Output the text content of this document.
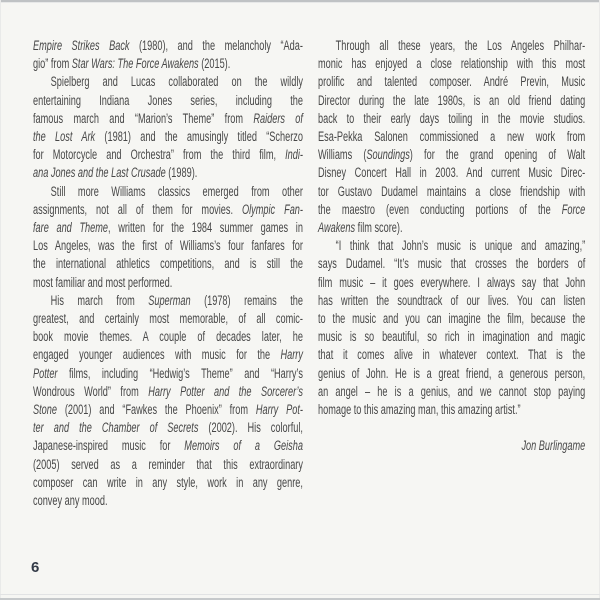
Empire Strikes Back (1980), and the melancholy “Ada-
gio” from Star Wars: The Force Awakens (2015).
Spielberg and Lucas collaborated on the wildly
entertaining Indiana Jones series, including the
famous march and “Marion’s Theme” from Raiders of
the Lost Ark (1981) and the amusingly titled “Scherzo
for Motorcycle and Orchestra” from the third film, Indi-
ana Jones and the Last Crusade (1989).
Still more Williams classics emerged from other
assignments, not all of them for movies. Olympic Fan-
fare and Theme, written for the 1984 summer games in
Los Angeles, was the first of Williams’s four fanfares for
the international athletics competitions, and is still the
most familiar and most performed.
His march from Superman (1978) remains the
greatest, and certainly most memorable, of all comic-
book movie themes. A couple of decades later, he
engaged younger audiences with music for the Harry
Potter films, including “Hedwig’s Theme” and “Harry’s
Wondrous World” from Harry Potter and the Sorcerer’s
Stone (2001) and “Fawkes the Phoenix” from Harry Pot-
ter and the Chamber of Secrets (2002). His colorful,
Japanese-inspired music for Memoirs of a Geisha
(2005) served as a reminder that this extraordinary
composer can write in any style, work in any genre,
convey any mood.
Through all these years, the Los Angeles Philhar-
monic has enjoyed a close relationship with this most
prolific and talented composer. André Previn, Music
Director during the late 1980s, is an old friend dating
back to their early days toiling in the movie studios.
Esa-Pekka Salonen commissioned a new work from
Williams (Soundings) for the grand opening of Walt
Disney Concert Hall in 2003. And current Music Direc-
tor Gustavo Dudamel maintains a close friendship with
the maestro (even conducting portions of the Force
Awakens film score).
“I think that John’s music is unique and amazing,”
says Dudamel. “It’s music that crosses the borders of
film music – it goes everywhere. I always say that John
has written the soundtrack of our lives. You can listen
to the music and you can imagine the film, because the
music is so beautiful, so rich in imagination and magic
that it comes alive in whatever context. That is the
genius of John. He is a great friend, a generous person,
an angel – he is a genius, and we cannot stop paying
homage to this amazing man, this amazing artist.”
Jon Burlingame
6
